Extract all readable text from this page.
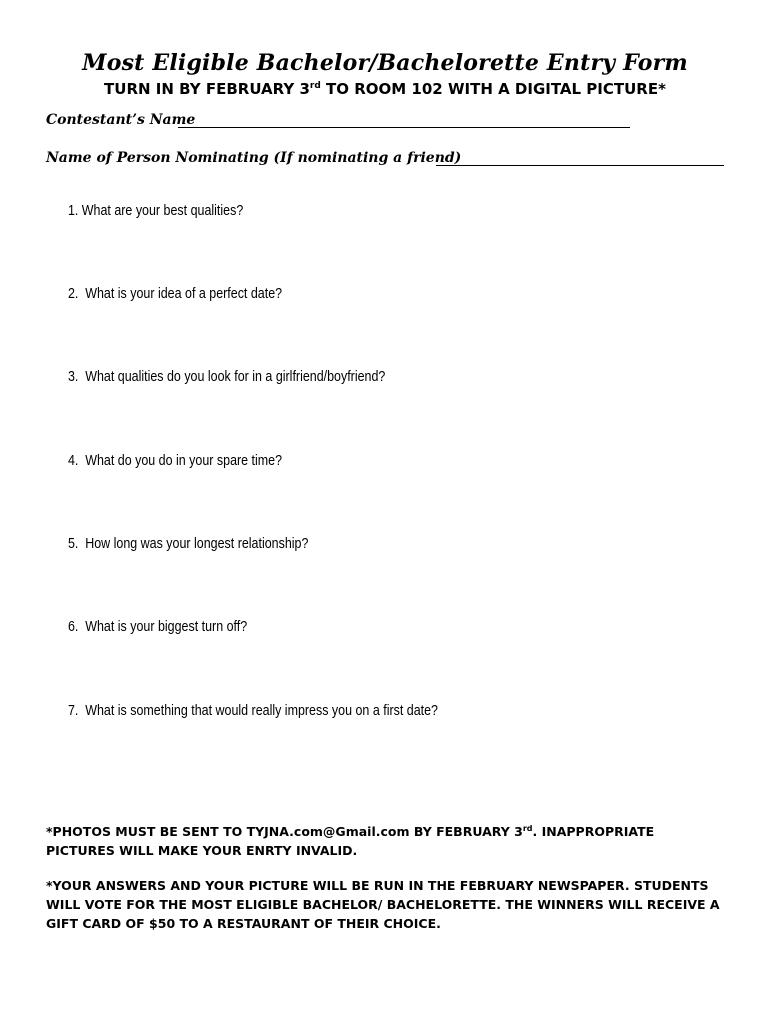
Most Eligible Bachelor/Bachelorette Entry Form
TURN IN BY FEBRUARY 3rd TO ROOM 102 WITH A DIGITAL PICTURE*
Contestant’s Name
Name of Person Nominating (If nominating a friend)
1. What are your best qualities?
2. What is your idea of a perfect date?
3. What qualities do you look for in a girlfriend/boyfriend?
4. What do you do in your spare time?
5. How long was your longest relationship?
6. What is your biggest turn off?
7. What is something that would really impress you on a first date?
*PHOTOS MUST BE SENT TO TYJNA.com@Gmail.com BY FEBRUARY 3rd. INAPPROPRIATE PICTURES WILL MAKE YOUR ENRTY INVALID.
*YOUR ANSWERS AND YOUR PICTURE WILL BE RUN IN THE FEBRUARY NEWSPAPER. STUDENTS WILL VOTE FOR THE MOST ELIGIBLE BACHELOR/ BACHELORETTE. THE WINNERS WILL RECEIVE A GIFT CARD OF $50 TO A RESTAURANT OF THEIR CHOICE.
